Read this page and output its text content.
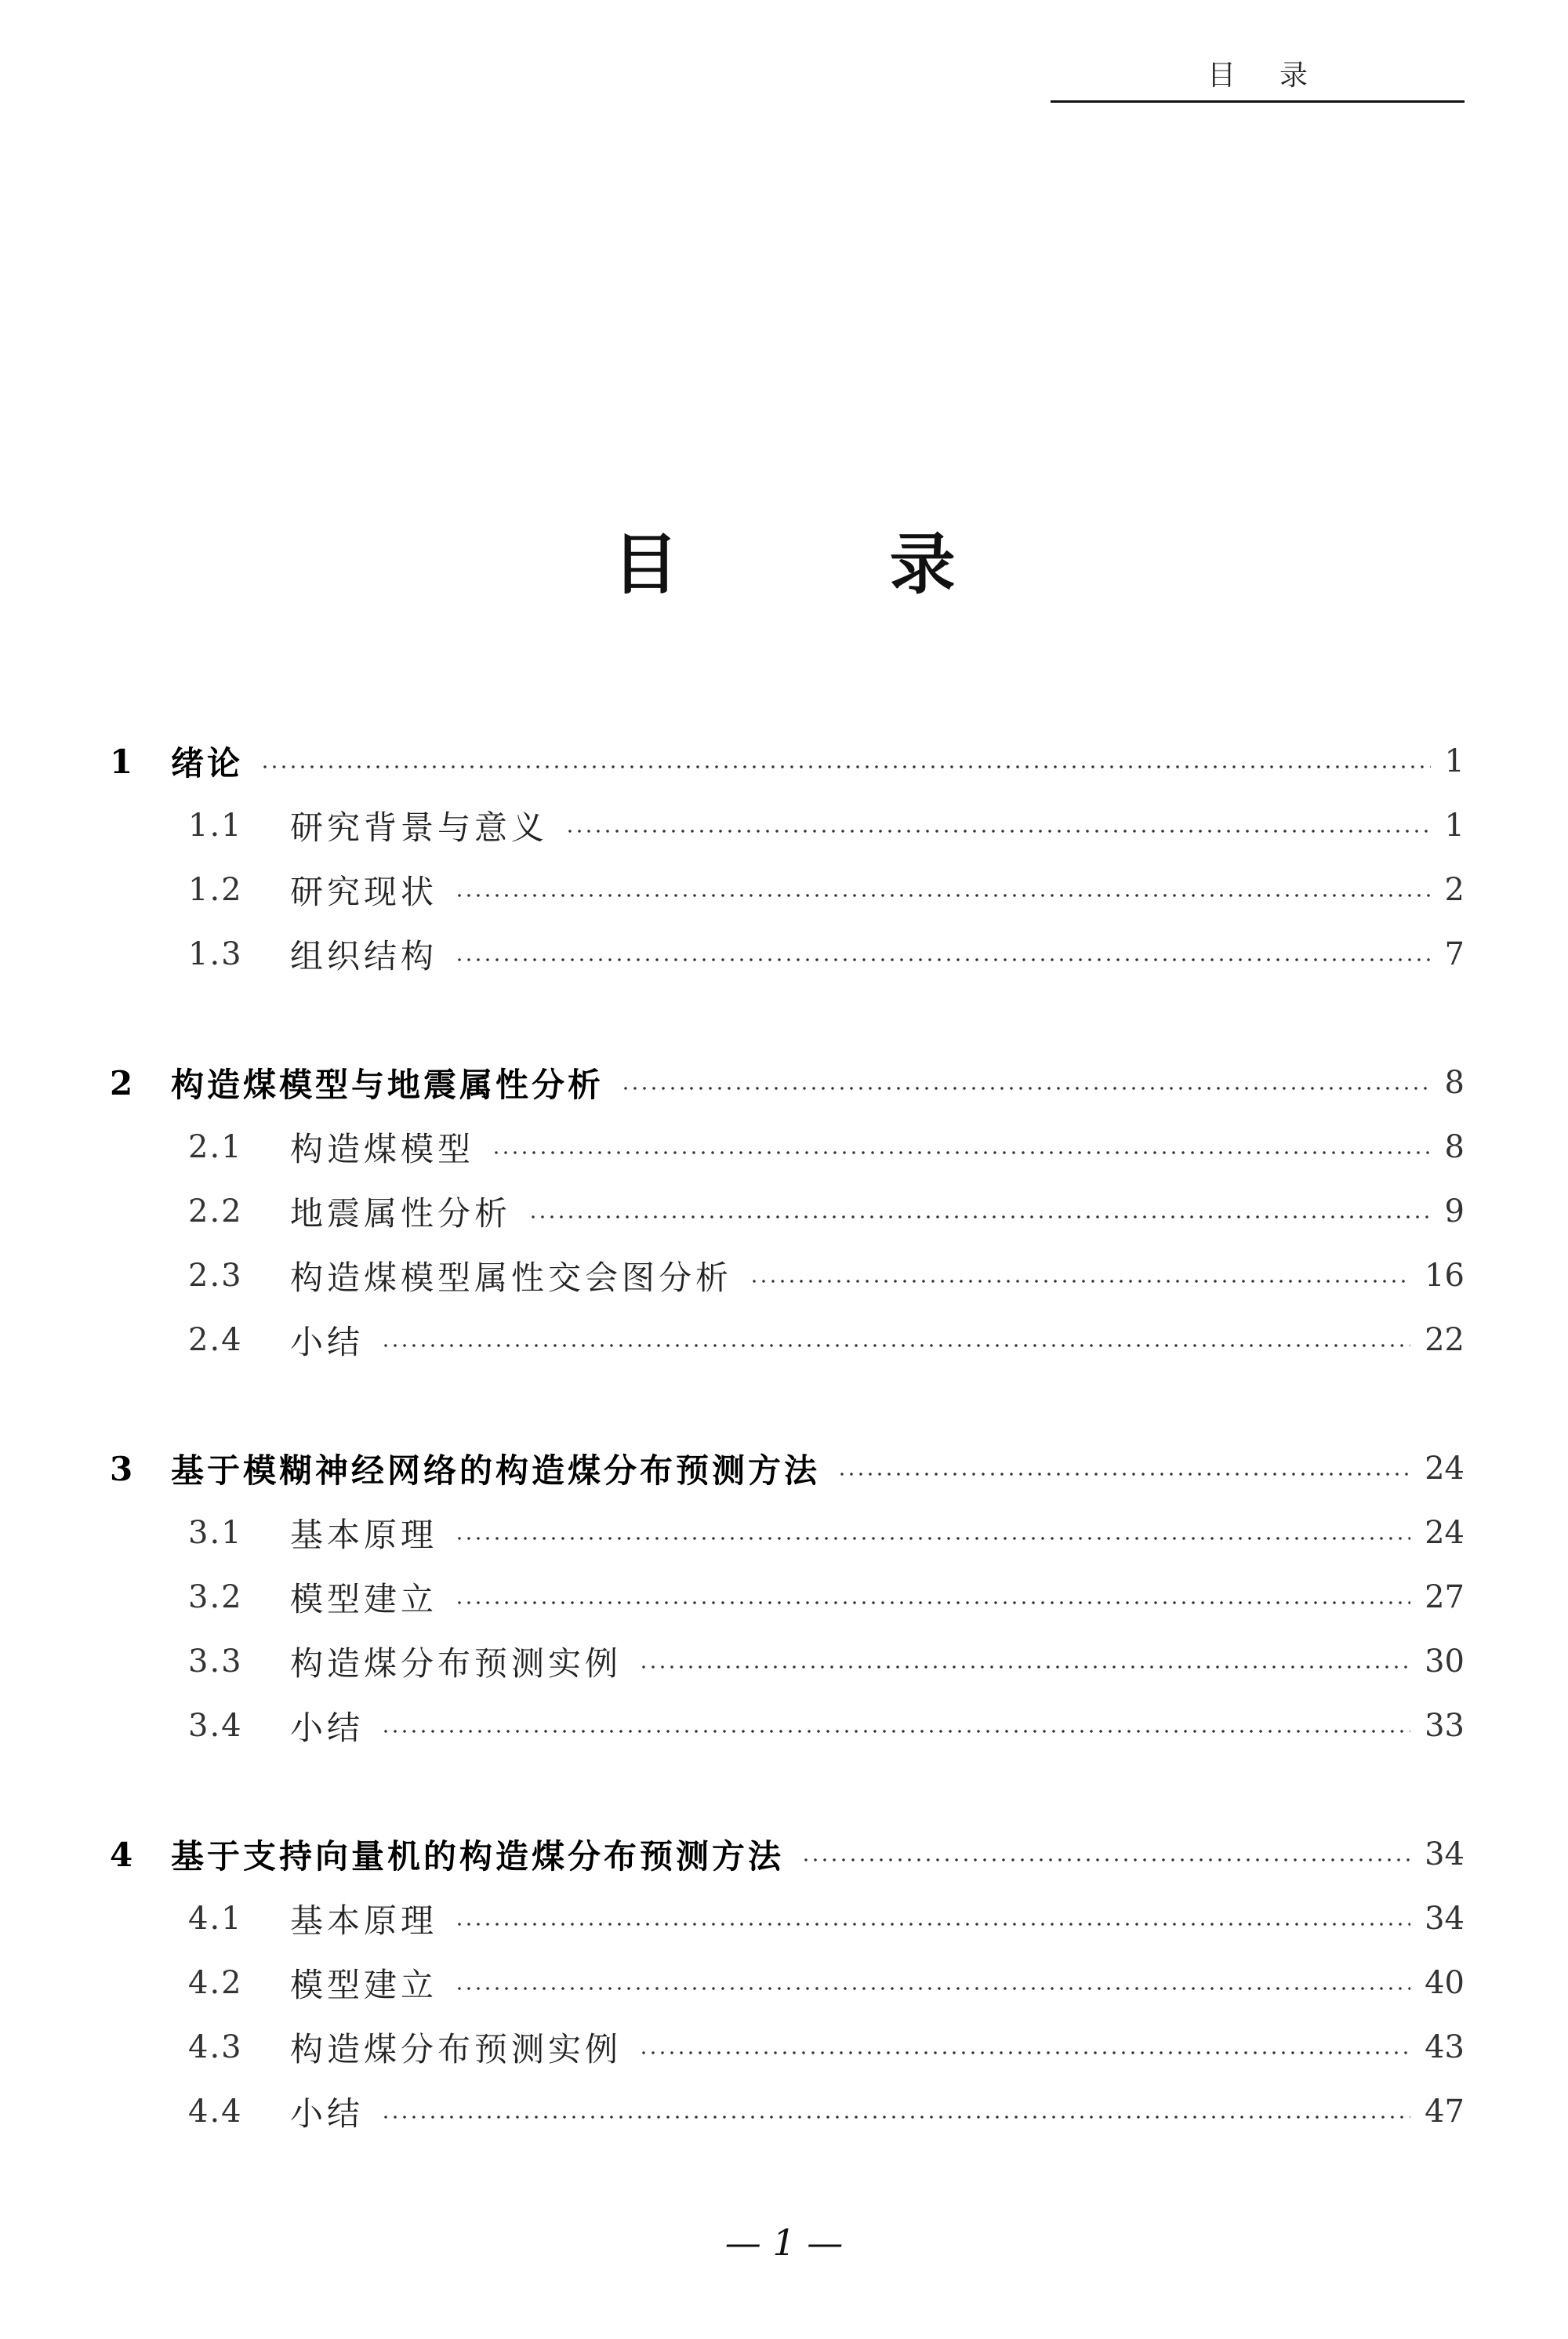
目录
目 录
1	绪论	1
1.1	研究背景与意义	1
1.2	研究现状	2
1.3	组织结构	7
2	构造煤模型与地震属性分析	8
2.1	构造煤模型	8
2.2	地震属性分析	9
2.3	构造煤模型属性交会图分析	16
2.4	小结	22
3	基于模糊神经网络的构造煤分布预测方法	24
3.1	基本原理	24
3.2	模型建立	27
3.3	构造煤分布预测实例	30
3.4	小结	33
4	基于支持向量机的构造煤分布预测方法	34
4.1	基本原理	34
4.2	模型建立	40
4.3	构造煤分布预测实例	43
4.4	小结	47
— 1 —
